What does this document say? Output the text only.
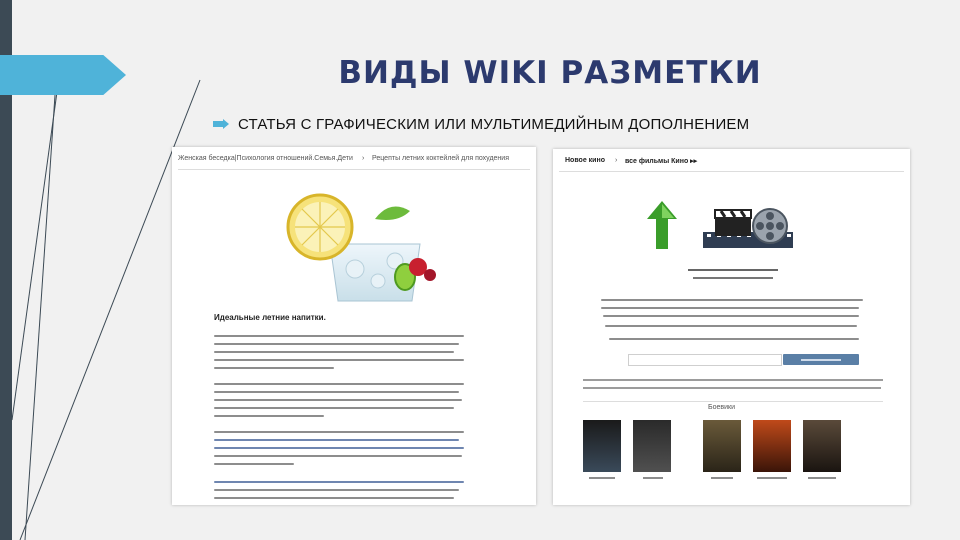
ВИДЫ WIKI РАЗМЕТКИ

СТАТЬЯ С ГРАФИЧЕСКИМ ИЛИ МУЛЬТИМЕДИЙНЫМ ДОПОЛНЕНИЕМ

Женская беседка|Психология отношений.Семья.Дети › Рецепты летних коктейлей для похудения
Идеальные летние напитки.
Новое кино › все фильмы Кино ▸▸
Боевики
